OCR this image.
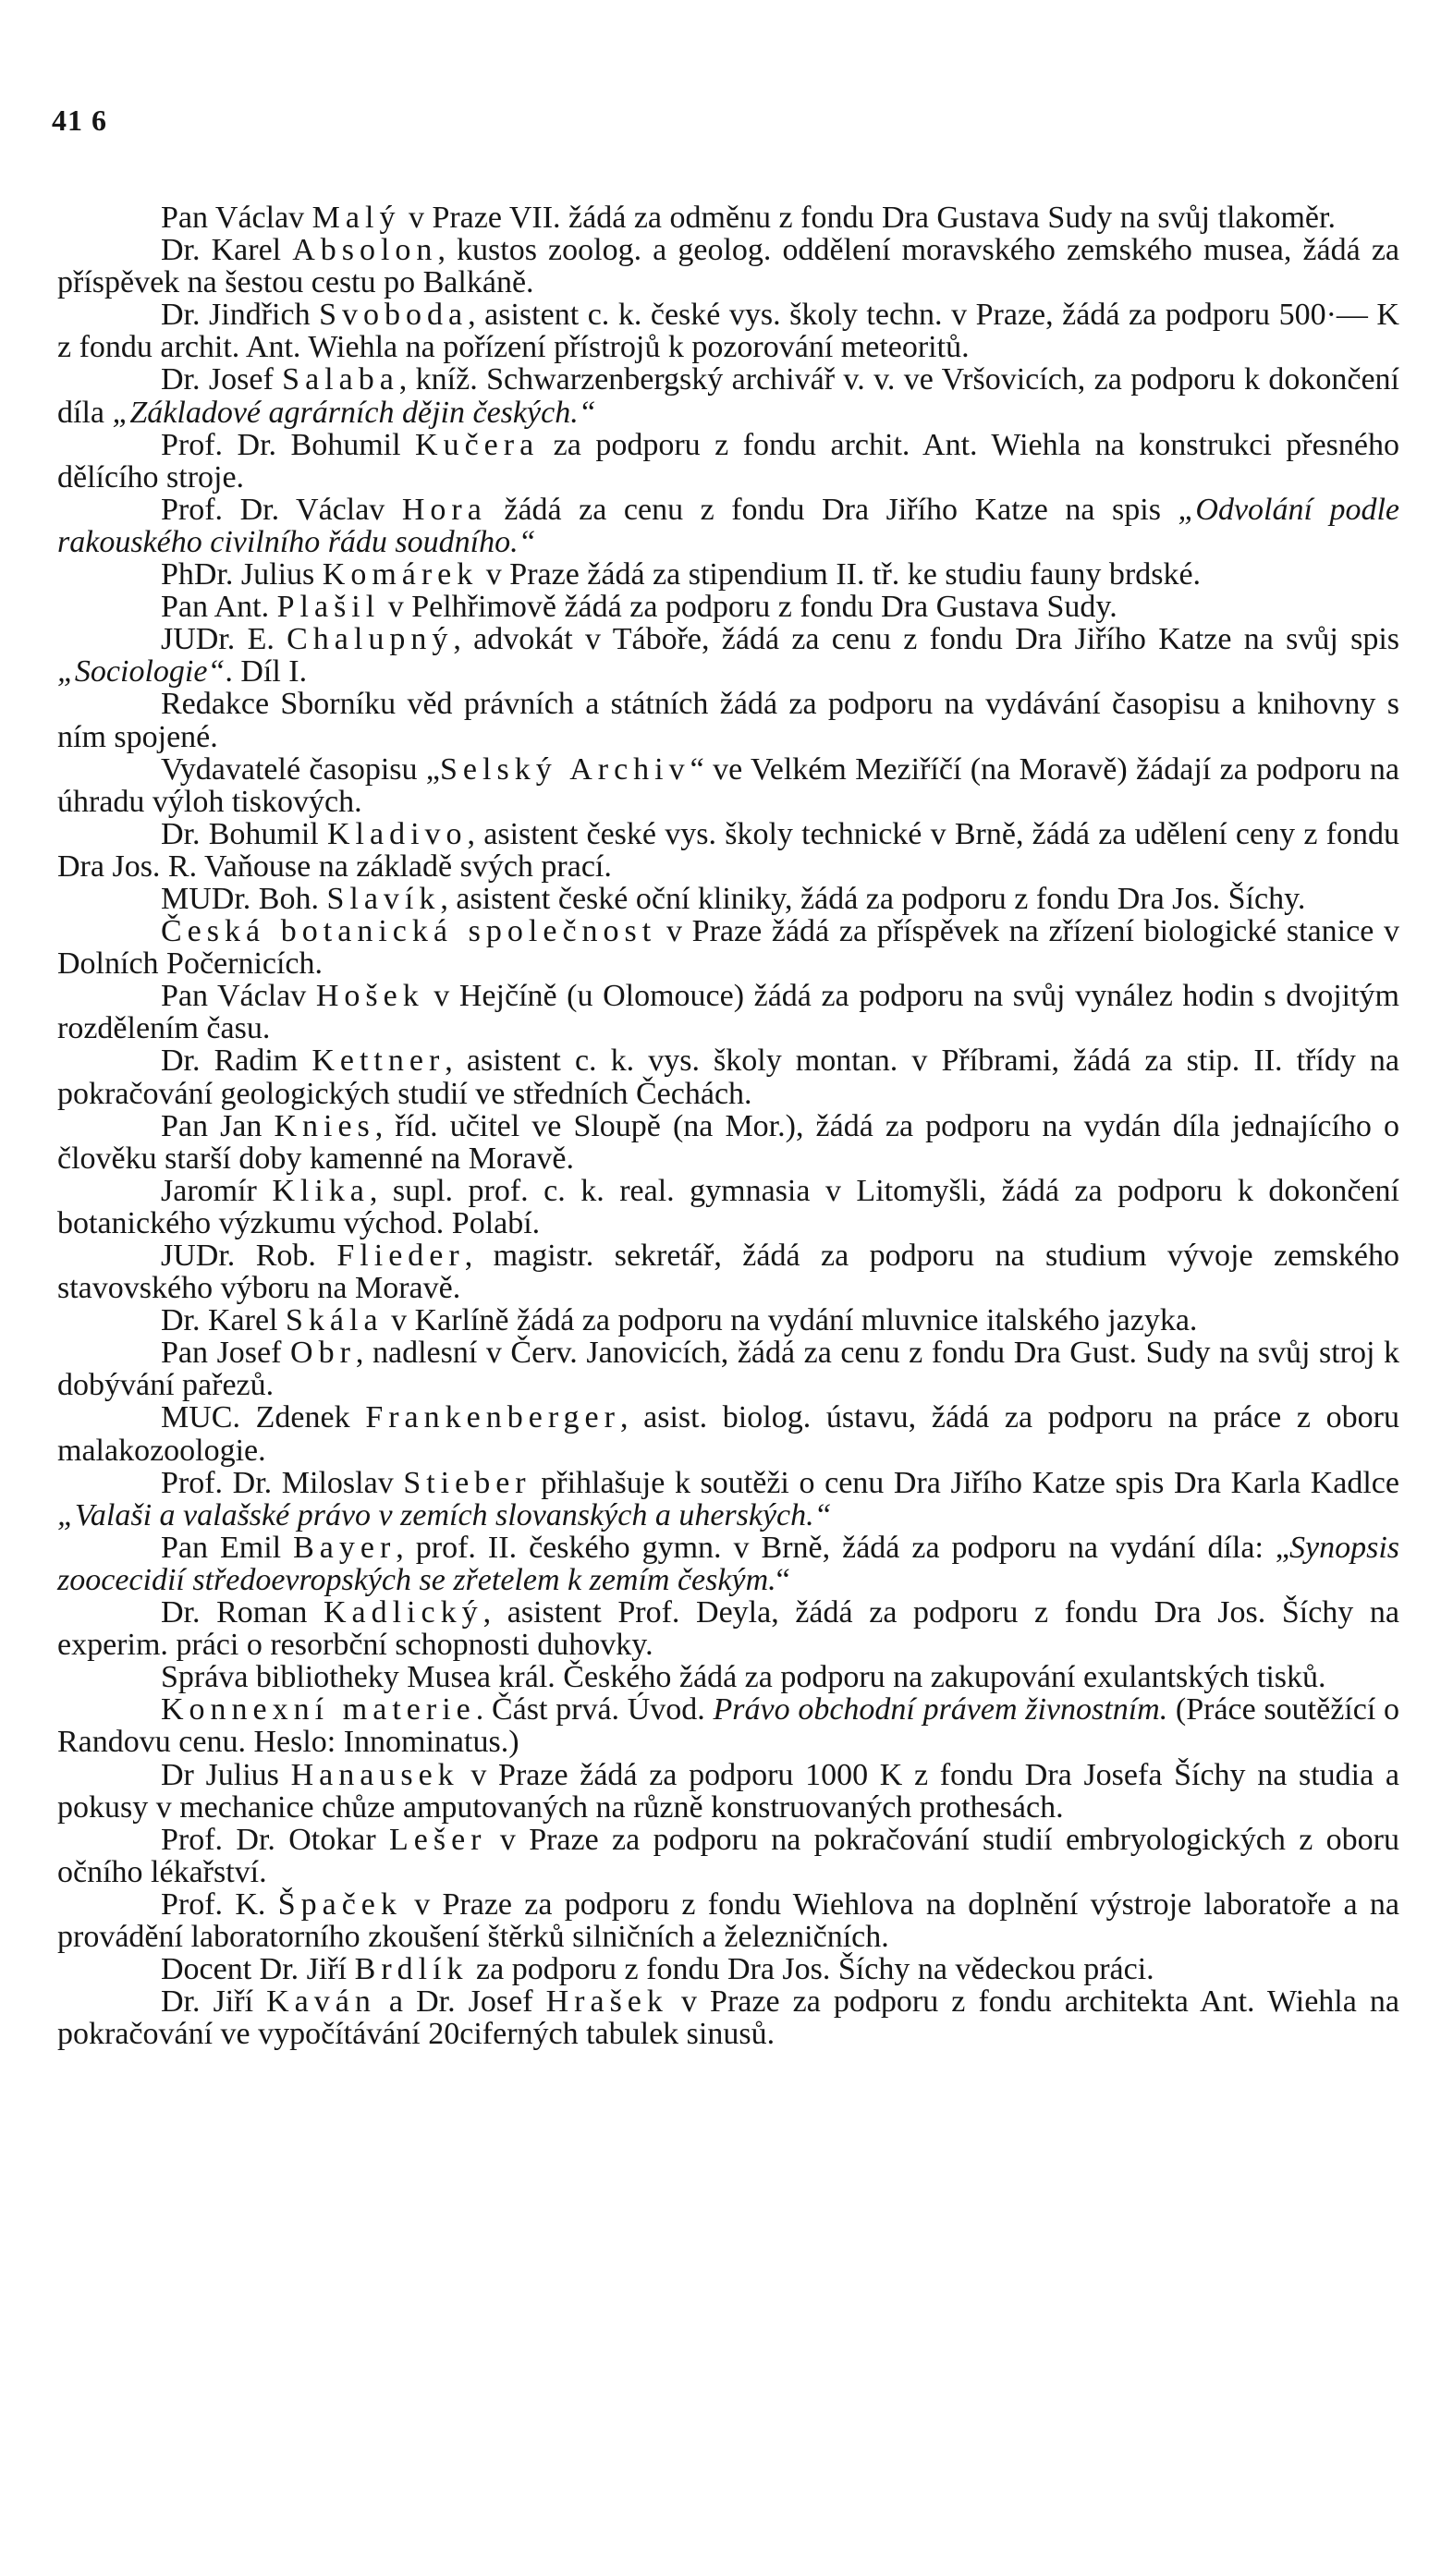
41 6

Pan Václav Malý v Praze VII. žádá za odměnu z fondu Dra Gustava Sudy na svůj tlakoměr.

Dr. Karel Absolon, kustos zoolog. a geolog. oddělení moravského zemského musea, žádá za příspěvek na šestou cestu po Balkáně.

Dr. Jindřich Svoboda, asistent c. k. české vys. školy techn. v Praze, žádá za podporu 500·— K z fondu archit. Ant. Wiehla na pořízení přístrojů k pozorování meteoritů.

Dr. Josef Salaba, kníž. Schwarzenbergský archivář v. v. ve Vršovicích, za podporu k dokončení díla „Základové agrárních dějin českých.“

Prof. Dr. Bohumil Kučera za podporu z fondu archit. Ant. Wiehla na konstrukci přesného dělícího stroje.

Prof. Dr. Václav Hora žádá za cenu z fondu Dra Jiřího Katze na spis „Odvolání podle rakouského civilního řádu soudního.“

PhDr. Julius Komárek v Praze žádá za stipendium II. tř. ke studiu fauny brdské.

Pan Ant. Plašil v Pelhřimově žádá za podporu z fondu Dra Gustava Sudy.

JUDr. E. Chalupný, advokát v Táboře, žádá za cenu z fondu Dra Jiřího Katze na svůj spis „Sociologie“. Díl I.

Redakce Sborníku věd právních a státních žádá za podporu na vydávání časopisu a knihovny s ním spojené.

Vydavatelé časopisu „Selský Archiv“ ve Velkém Meziříčí (na Moravě) žádají za podporu na úhradu výloh tiskových.

Dr. Bohumil Kladivo, asistent české vys. školy technické v Brně, žádá za udělení ceny z fondu Dra Jos. R. Vaňouse na základě svých prací.

MUDr. Boh. Slavík, asistent české oční kliniky, žádá za podporu z fondu Dra Jos. Šíchy.

Česká botanická společnost v Praze žádá za příspěvek na zřízení biologické stanice v Dolních Počernicích.

Pan Václav Hošek v Hejčíně (u Olomouce) žádá za podporu na svůj vynález hodin s dvojitým rozdělením času.

Dr. Radim Kettner, asistent c. k. vys. školy montan. v Příbrami, žádá za stip. II. třídy na pokračování geologických studií ve středních Čechách.

Pan Jan Knies, říd. učitel ve Sloupě (na Mor.), žádá za podporu na vydán díla jednajícího o člověku starší doby kamenné na Moravě.

Jaromír Klika, supl. prof. c. k. real. gymnasia v Litomyšli, žádá za podporu k dokončení botanického výzkumu východ. Polabí.

JUDr. Rob. Flieder, magistr. sekretář, žádá za podporu na studium vývoje zemského stavovského výboru na Moravě.

Dr. Karel Skála v Karlíně žádá za podporu na vydání mluvnice italského jazyka.

Pan Josef Obr, nadlesní v Červ. Janovicích, žádá za cenu z fondu Dra Gust. Sudy na svůj stroj k dobývání pařezů.

MUC. Zdenek Frankenberger, asist. biolog. ústavu, žádá za podporu na práce z oboru malakozoologie.

Prof. Dr. Miloslav Stieber přihlašuje k soutěži o cenu Dra Jiřího Katze spis Dra Karla Kadlce „Valaši a valašské právo v zemích slovanských a uherských.“

Pan Emil Bayer, prof. II. českého gymn. v Brně, žádá za podporu na vydání díla: „Synopsis zoocecidií středoevropských se zřetelem k zemím českým.“

Dr. Roman Kadlický, asistent Prof. Deyla, žádá za podporu z fondu Dra Jos. Šíchy na experim. práci o resorbční schopnosti duhovky.

Správa bibliotheky Musea král. Českého žádá za podporu na zakupování exulantských tisků.

Konnexní materie. Část prvá. Úvod. Právo obchodní právem živnostním. (Práce soutěžící o Randovu cenu. Heslo: Innominatus.)

Dr Julius Hanausek v Praze žádá za podporu 1000 K z fondu Dra Josefa Šíchy na studia a pokusy v mechanice chůze amputovaných na různě konstruovaných prothesách.

Prof. Dr. Otokar Lešer v Praze za podporu na pokračování studií embryologických z oboru očního lékařství.

Prof. K. Špaček v Praze za podporu z fondu Wiehlova na doplnění výstroje laboratoře a na provádění laboratorního zkoušení štěrků silničních a železničních.

Docent Dr. Jiří Brdlík za podporu z fondu Dra Jos. Šíchy na vědeckou práci.

Dr. Jiří Kaván a Dr. Josef Hrašek v Praze za podporu z fondu architekta Ant. Wiehla na pokračování ve vypočítávání 20ciferných tabulek sinusů.
